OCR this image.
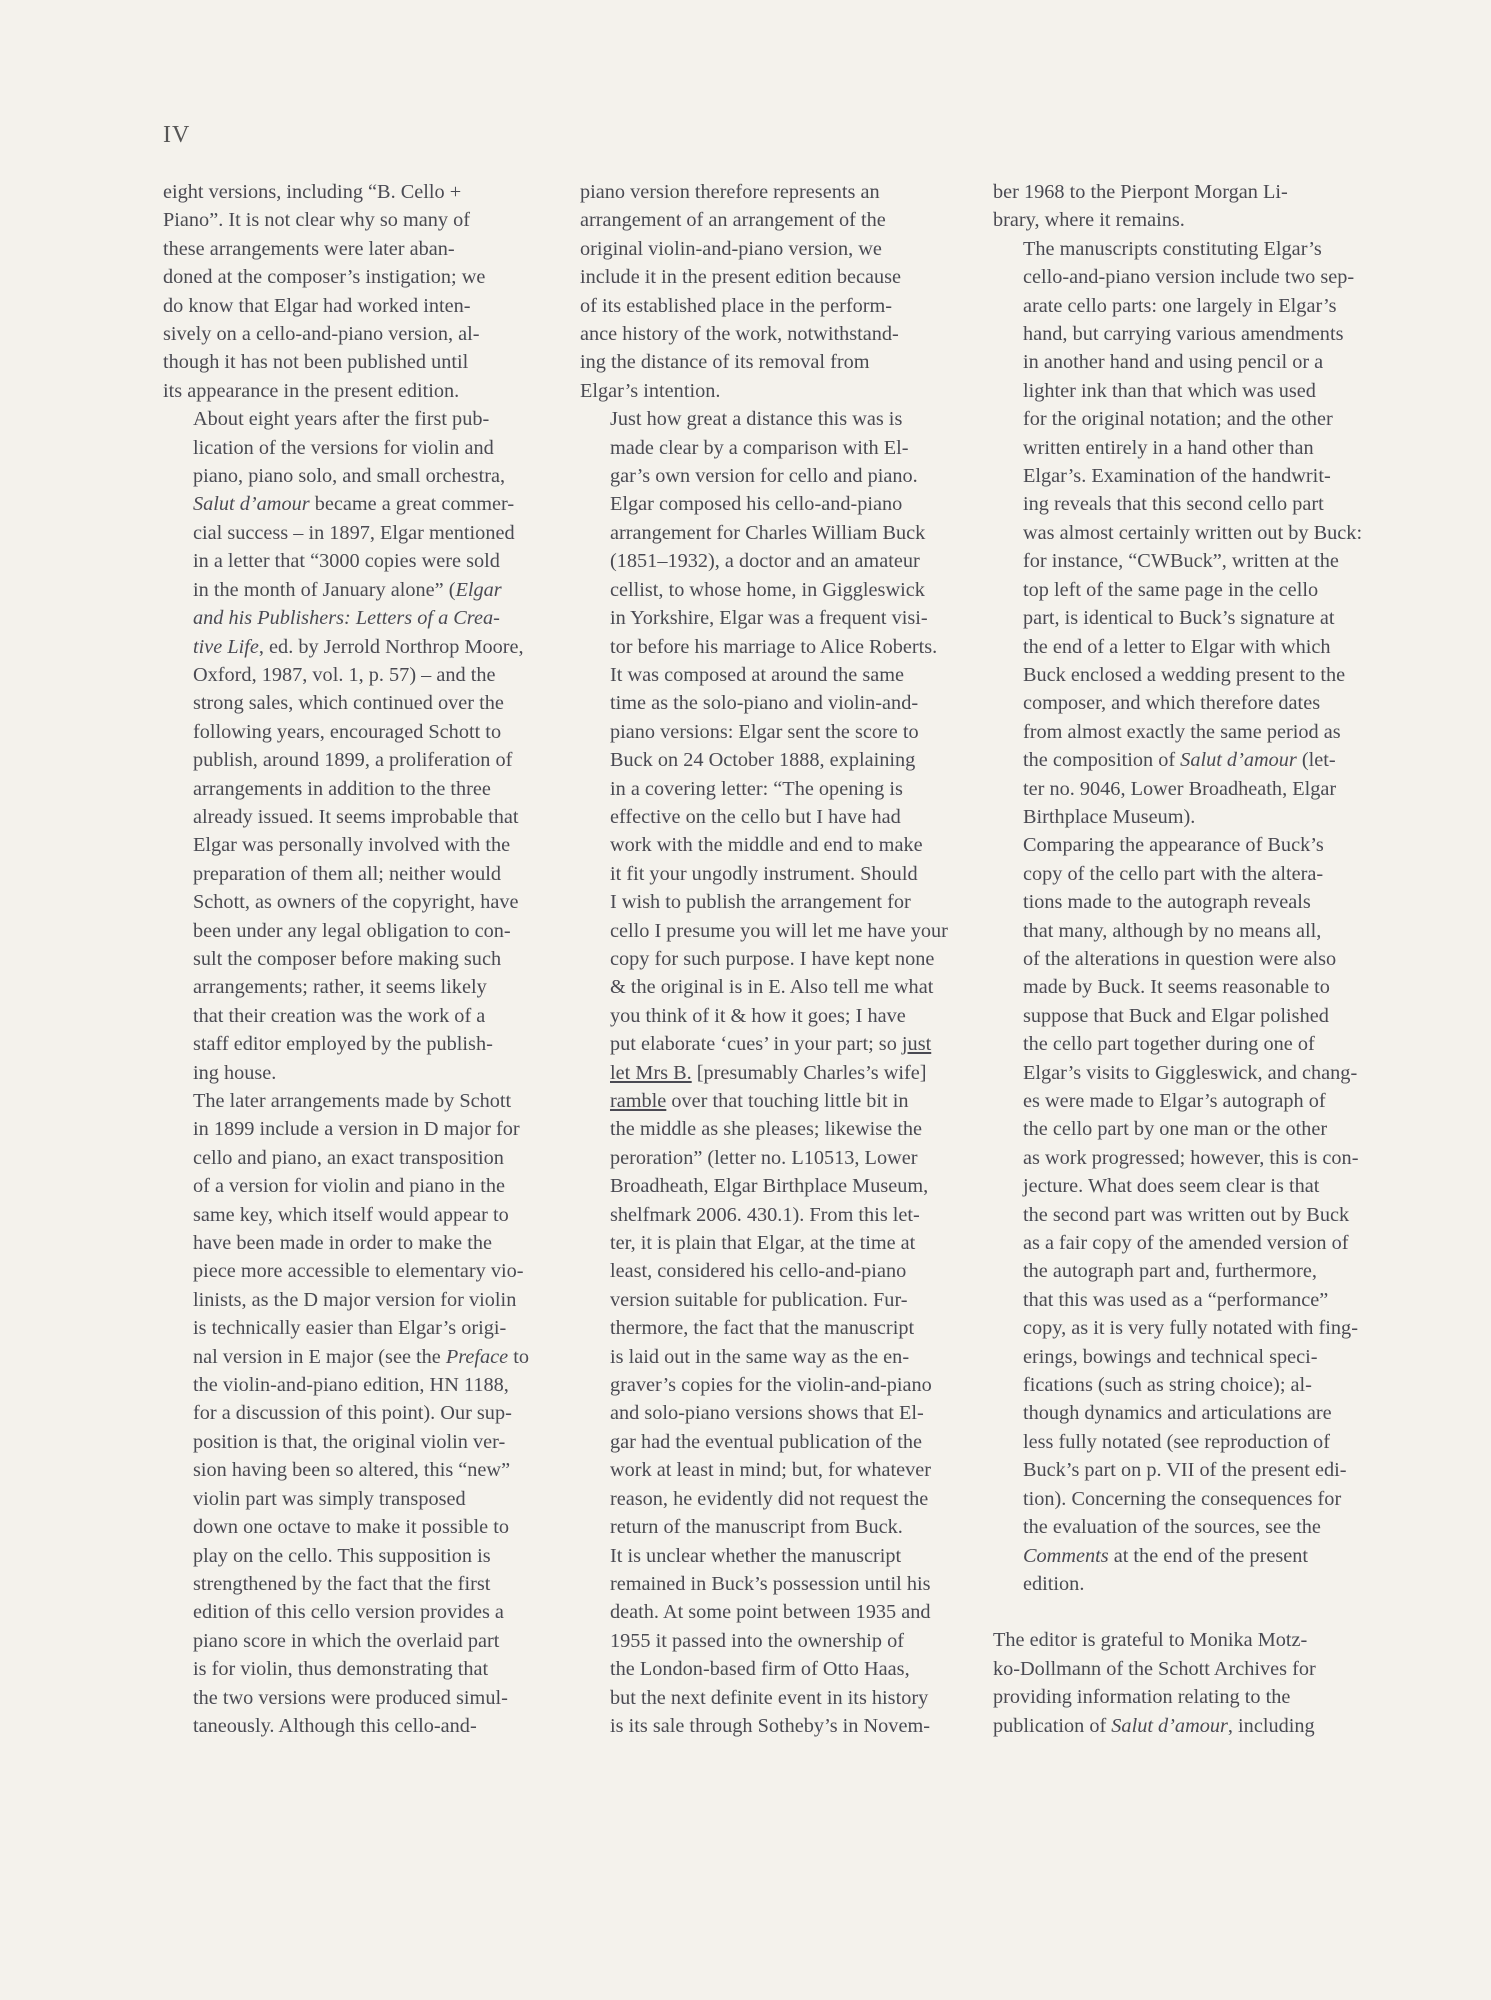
IV

eight versions, including “B. Cello +
Piano”. It is not clear why so many of
these arrangements were later aban-
doned at the composer’s instigation; we
do know that Elgar had worked inten-
sively on a cello-and-piano version, al-
though it has not been published until
its appearance in the present edition.

About eight years after the first pub-
lication of the versions for violin and
piano, piano solo, and small orchestra,
Salut d’amour became a great commer-
cial success – in 1897, Elgar mentioned
in a letter that “3000 copies were sold
in the month of January alone” (Elgar
and his Publishers: Letters of a Crea-
tive Life, ed. by Jerrold Northrop Moore,
Oxford, 1987, vol. 1, p. 57) – and the
strong sales, which continued over the
following years, encouraged Schott to
publish, around 1899, a proliferation of
arrangements in addition to the three
already issued. It seems improbable that
Elgar was personally involved with the
preparation of them all; neither would
Schott, as owners of the copyright, have
been under any legal obligation to con-
sult the composer before making such
arrangements; rather, it seems likely
that their creation was the work of a
staff editor employed by the publish-
ing house.

The later arrangements made by Schott
in 1899 include a version in D major for
cello and piano, an exact transposition
of a version for violin and piano in the
same key, which itself would appear to
have been made in order to make the
piece more accessible to elementary vio-
linists, as the D major version for violin
is technically easier than Elgar’s origi-
nal version in E major (see the Preface to
the violin-and-piano edition, HN 1188,
for a discussion of this point). Our sup-
position is that, the original violin ver-
sion having been so altered, this “new”
violin part was simply transposed
down one octave to make it possible to
play on the cello. This supposition is
strengthened by the fact that the first
edition of this cello version provides a
piano score in which the overlaid part
is for violin, thus demonstrating that
the two versions were produced simul-
taneously. Although this cello-and-

piano version therefore represents an
arrangement of an arrangement of the
original violin-and-piano version, we
include it in the present edition because
of its established place in the perform-
ance history of the work, notwithstand-
ing the distance of its removal from
Elgar’s intention.

Just how great a distance this was is
made clear by a comparison with El-
gar’s own version for cello and piano.
Elgar composed his cello-and-piano
arrangement for Charles William Buck
(1851–1932), a doctor and an amateur
cellist, to whose home, in Giggleswick
in Yorkshire, Elgar was a frequent visi-
tor before his marriage to Alice Roberts.
It was composed at around the same
time as the solo-piano and violin-and-
piano versions: Elgar sent the score to
Buck on 24 October 1888, explaining
in a covering letter: “The opening is
effective on the cello but I have had
work with the middle and end to make
it fit your ungodly instrument. Should
I wish to publish the arrangement for
cello I presume you will let me have your
copy for such purpose. I have kept none
& the original is in E. Also tell me what
you think of it & how it goes; I have
put elaborate ‘cues’ in your part; so just
let Mrs B. [presumably Charles’s wife]
ramble over that touching little bit in
the middle as she pleases; likewise the
peroration” (letter no. L10513, Lower
Broadheath, Elgar Birthplace Museum,
shelfmark 2006. 430.1). From this let-
ter, it is plain that Elgar, at the time at
least, considered his cello-and-piano
version suitable for publication. Fur-
thermore, the fact that the manuscript
is laid out in the same way as the en-
graver’s copies for the violin-and-piano
and solo-piano versions shows that El-
gar had the eventual publication of the
work at least in mind; but, for whatever
reason, he evidently did not request the
return of the manuscript from Buck.
It is unclear whether the manuscript
remained in Buck’s possession until his
death. At some point between 1935 and
1955 it passed into the ownership of
the London-based firm of Otto Haas,
but the next definite event in its history
is its sale through Sotheby’s in Novem-

ber 1968 to the Pierpont Morgan Li-
brary, where it remains.

The manuscripts constituting Elgar’s
cello-and-piano version include two sep-
arate cello parts: one largely in Elgar’s
hand, but carrying various amendments
in another hand and using pencil or a
lighter ink than that which was used
for the original notation; and the other
written entirely in a hand other than
Elgar’s. Examination of the handwrit-
ing reveals that this second cello part
was almost certainly written out by Buck:
for instance, “CWBuck”, written at the
top left of the same page in the cello
part, is identical to Buck’s signature at
the end of a letter to Elgar with which
Buck enclosed a wedding present to the
composer, and which therefore dates
from almost exactly the same period as
the composition of Salut d’amour (let-
ter no. 9046, Lower Broadheath, Elgar
Birthplace Museum).

Comparing the appearance of Buck’s
copy of the cello part with the altera-
tions made to the autograph reveals
that many, although by no means all,
of the alterations in question were also
made by Buck. It seems reasonable to
suppose that Buck and Elgar polished
the cello part together during one of
Elgar’s visits to Giggleswick, and chang-
es were made to Elgar’s autograph of
the cello part by one man or the other
as work progressed; however, this is con-
jecture. What does seem clear is that
the second part was written out by Buck
as a fair copy of the amended version of
the autograph part and, furthermore,
that this was used as a “performance”
copy, as it is very fully notated with fing-
erings, bowings and technical speci-
fications (such as string choice); al-
though dynamics and articulations are
less fully notated (see reproduction of
Buck’s part on p. VII of the present edi-
tion). Concerning the consequences for
the evaluation of the sources, see the
Comments at the end of the present
edition.

The editor is grateful to Monika Motz-
ko-Dollmann of the Schott Archives for
providing information relating to the
publication of Salut d’amour, including
